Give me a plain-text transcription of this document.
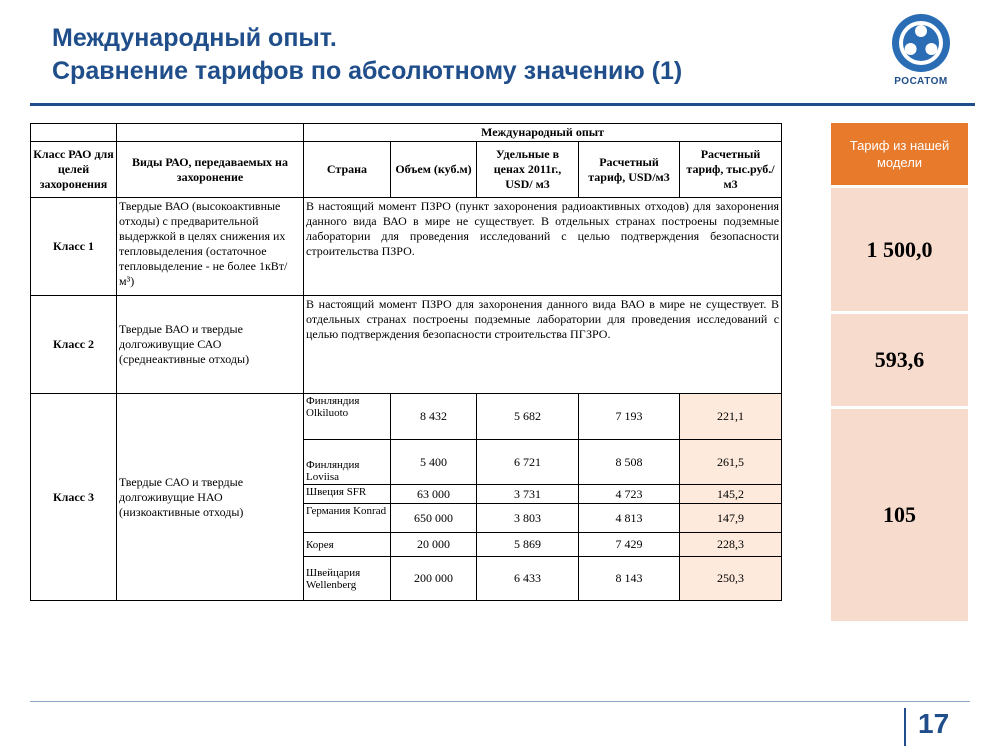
Международный опыт.
Сравнение тарифов по абсолютному значению (1)	РОСАТОМ
		Международный опыт				
Класс РАО для целей захоронения	Виды РАО, передаваемых на захоронение	Страна	Объем (куб.м)	Удельные в ценах 2011г., USD/ м3	Расчетный тариф, USD/м3	Расчетный тариф, тыс.руб./м3
Класс 1	Твердые ВАО (высокоактивные отходы) с предварительной выдержкой в целях снижения их тепловыделения (остаточное тепловыделение - не более 1кВт/м³)	В настоящий момент ПЗРО (пункт захоронения радиоактивных отходов) для захоронения данного вида ВАО в мире не существует. В отдельных странах построены подземные лаборатории для проведения исследований с целью подтверждения безопасности строительства ПЗРО.				
Класс 2	Твердые ВАО и твердые долгоживущие САО (среднеактивные отходы)	В настоящий момент ПЗРО для захоронения данного вида ВАО в мире не существует. В отдельных странах построены подземные лаборатории для проведения исследований с целью подтверждения безопасности строительства ПГЗРО.				
Класс 3	Твердые САО и твердые долгоживущие НАО (низкоактивные отходы)	Финляндия Olkiluoto	8 432	5 682	7 193	221,1
		Финляндия Loviisa	5 400	6 721	8 508	261,5
		Швеция SFR	63 000	3 731	4 723	145,2
		Германия Konrad	650 000	3 803	4 813	147,9
		Корея	20 000	5 869	7 429	228,3
		Швейцария Wellenberg	200 000	6 433	8 143	250,3
Тариф из нашей модели
1 500,0
593,6
105
17
